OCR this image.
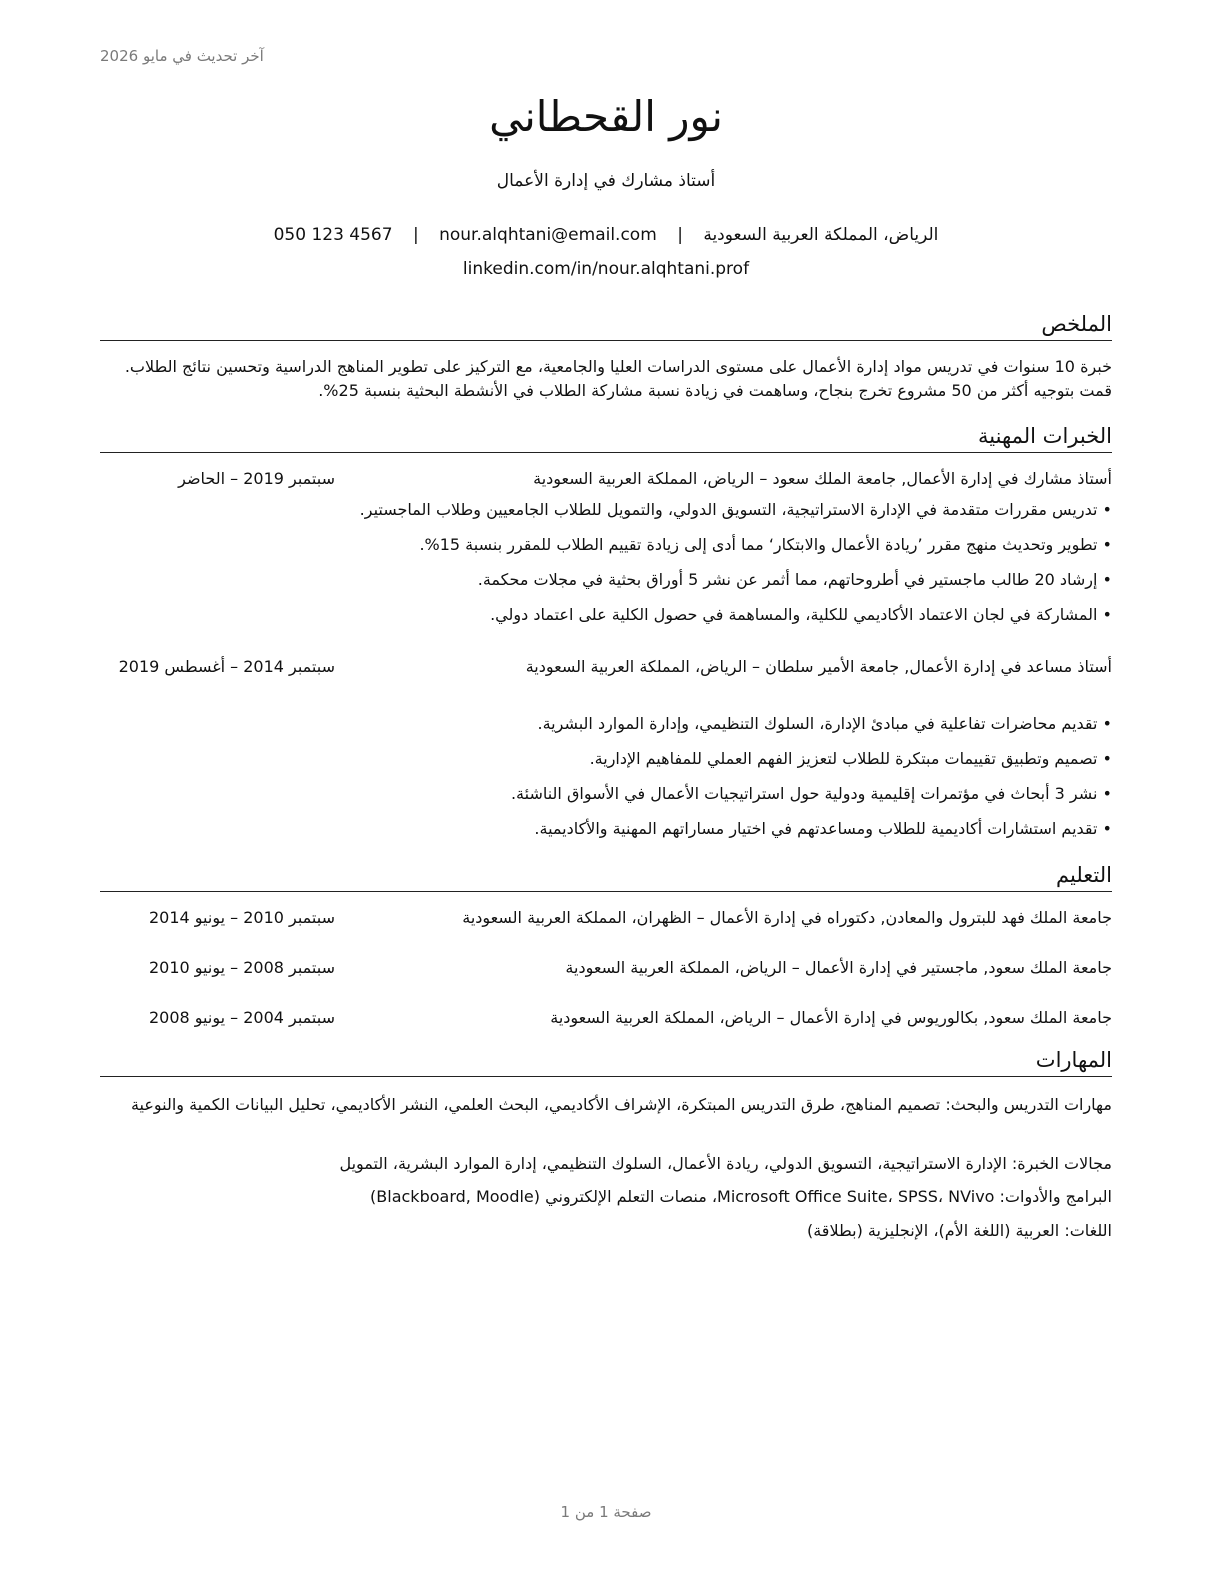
آخر تحديث في مايو 2026
نور القحطاني
أستاذ مشارك في إدارة الأعمال
الرياض، المملكة العربية السعودية | nour.alqhtani@email.com | 050 123 4567
linkedin.com/in/nour.alqhtani.prof
الملخص

خبرة 10 سنوات في تدريس مواد إدارة الأعمال على مستوى الدراسات العليا والجامعية، مع التركيز على تطوير المناهج الدراسية وتحسين نتائج الطلاب. قمت بتوجيه أكثر من 50 مشروع تخرج بنجاح، وساهمت في زيادة نسبة مشاركة الطلاب في الأنشطة البحثية بنسبة 25%.

الخبرات المهنية
أستاذ مشارك في إدارة الأعمال, جامعة الملك سعود – الرياض، المملكة العربية السعودية
سبتمبر 2019 – الحاضر
• تدريس مقررات متقدمة في الإدارة الاستراتيجية، التسويق الدولي، والتمويل للطلاب الجامعيين وطلاب الماجستير.
• تطوير وتحديث منهج مقرر ’ريادة الأعمال والابتكار‘ مما أدى إلى زيادة تقييم الطلاب للمقرر بنسبة 15%.
• إرشاد 20 طالب ماجستير في أطروحاتهم، مما أثمر عن نشر 5 أوراق بحثية في مجلات محكمة.
• المشاركة في لجان الاعتماد الأكاديمي للكلية، والمساهمة في حصول الكلية على اعتماد دولي.
أستاذ مساعد في إدارة الأعمال, جامعة الأمير سلطان – الرياض، المملكة العربية السعودية
سبتمبر 2014 – أغسطس 2019
• تقديم محاضرات تفاعلية في مبادئ الإدارة، السلوك التنظيمي، وإدارة الموارد البشرية.
• تصميم وتطبيق تقييمات مبتكرة للطلاب لتعزيز الفهم العملي للمفاهيم الإدارية.
• نشر 3 أبحاث في مؤتمرات إقليمية ودولية حول استراتيجيات الأعمال في الأسواق الناشئة.
• تقديم استشارات أكاديمية للطلاب ومساعدتهم في اختيار مساراتهم المهنية والأكاديمية.
التعليم
جامعة الملك فهد للبترول والمعادن, دكتوراه في إدارة الأعمال – الظهران، المملكة العربية السعودية
سبتمبر 2010 – يونيو 2014
جامعة الملك سعود, ماجستير في إدارة الأعمال – الرياض، المملكة العربية السعودية
سبتمبر 2008 – يونيو 2010
جامعة الملك سعود, بكالوريوس في إدارة الأعمال – الرياض، المملكة العربية السعودية
سبتمبر 2004 – يونيو 2008
المهارات

مهارات التدريس والبحث: تصميم المناهج، طرق التدريس المبتكرة، الإشراف الأكاديمي، البحث العلمي، النشر الأكاديمي، تحليل البيانات الكمية والنوعية

مجالات الخبرة: الإدارة الاستراتيجية، التسويق الدولي، ريادة الأعمال، السلوك التنظيمي، إدارة الموارد البشرية، التمويل

البرامج والأدوات: Microsoft Office Suite، SPSS، NVivo، منصات التعلم الإلكتروني (Blackboard, Moodle)

اللغات: العربية (اللغة الأم)، الإنجليزية (بطلاقة)

صفحة 1 من 1
